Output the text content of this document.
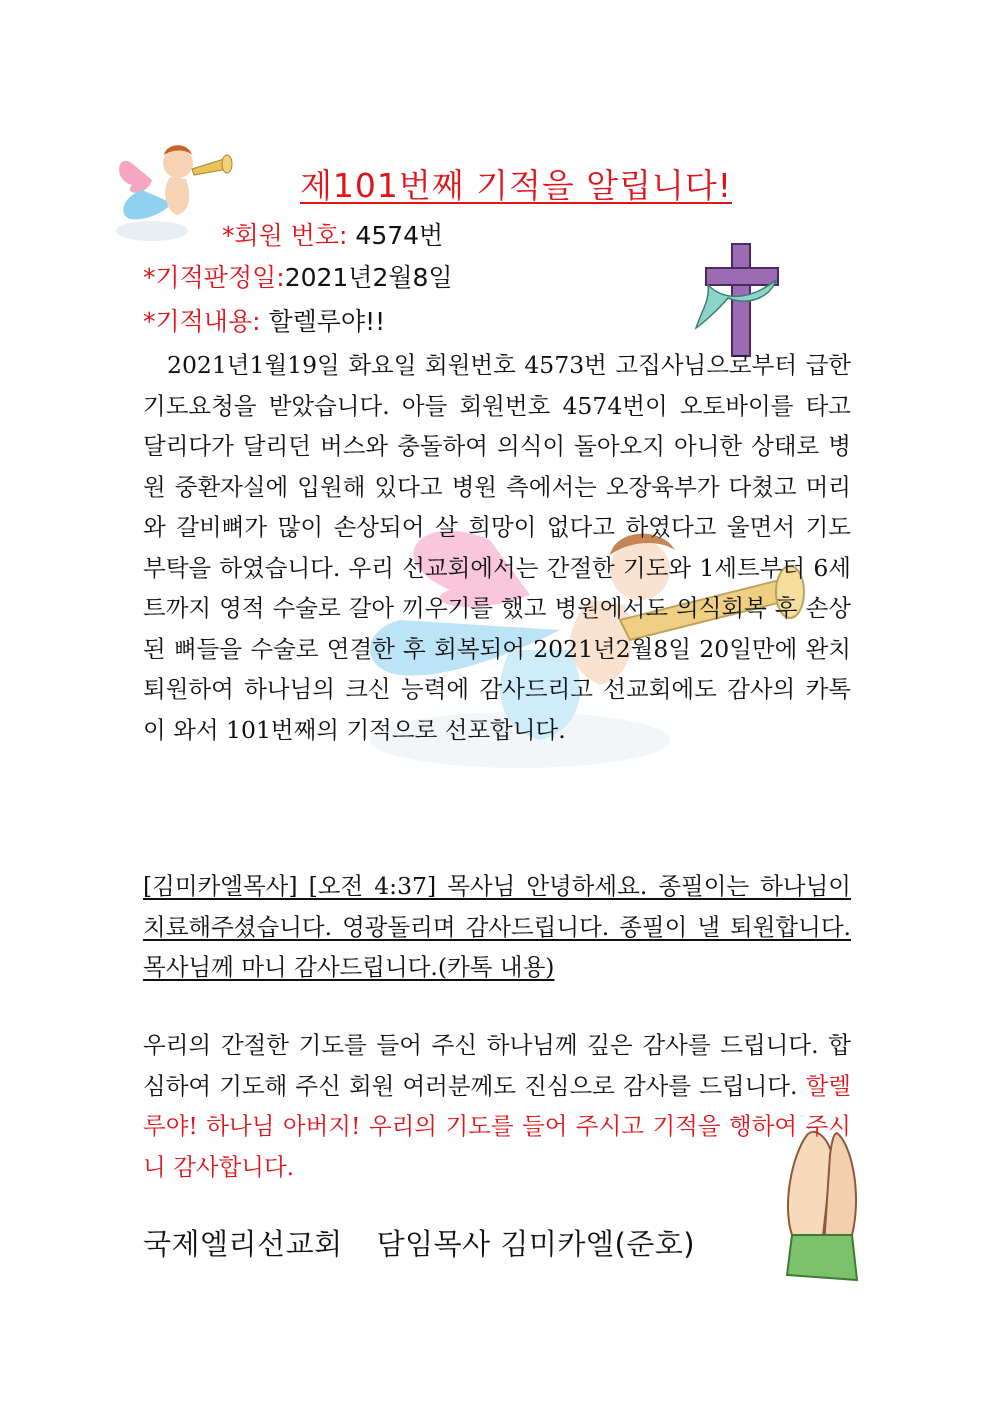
제101번째 기적을 알립니다!
*회원 번호: 4574번
*기적판정일:2021년2월8일
*기적내용: 할렐루야!!
2021년1월19일 화요일 회원번호 4573번 고집사님으로부터 급한 기도요청을 받았습니다. 아들 회원번호 4574번이 오토바이를 타고 달리다가 달리던 버스와 충돌하여 의식이 돌아오지 아니한 상태로 병원 중환자실에 입원해 있다고 병원 측에서는 오장육부가 다쳤고 머리와 갈비뼈가 많이 손상되어 살 희망이 없다고 하였다고 울면서 기도 부탁을 하였습니다. 우리 선교회에서는 간절한 기도와 1세트부터 6세트까지 영적 수술로 갈아 끼우기를 했고 병원에서도 의식회복 후 손상된 뼈들을 수술로 연결한 후 회복되어 2021년2월8일 20일만에 완치 퇴원하여 하나님의 크신 능력에 감사드리고 선교회에도 감사의 카톡이 와서 101번째의 기적으로 선포합니다.
[김미카엘목사] [오전 4:37] 목사님 안녕하세요. 종필이는 하나님이 치료해주셨습니다. 영광돌리며 감사드립니다. 종필이 낼 퇴원합니다. 목사님께 마니 감사드립니다.(카톡 내용)
우리의 간절한 기도를 들어 주신 하나님께 깊은 감사를 드립니다. 합심하여 기도해 주신 회원 여러분께도 진심으로 감사를 드립니다. 할렐루야! 하나님 아버지! 우리의 기도를 들어 주시고 기적을 행하여 주시니 감사합니다.
국제엘리선교회 담임목사 김미카엘(준호)
